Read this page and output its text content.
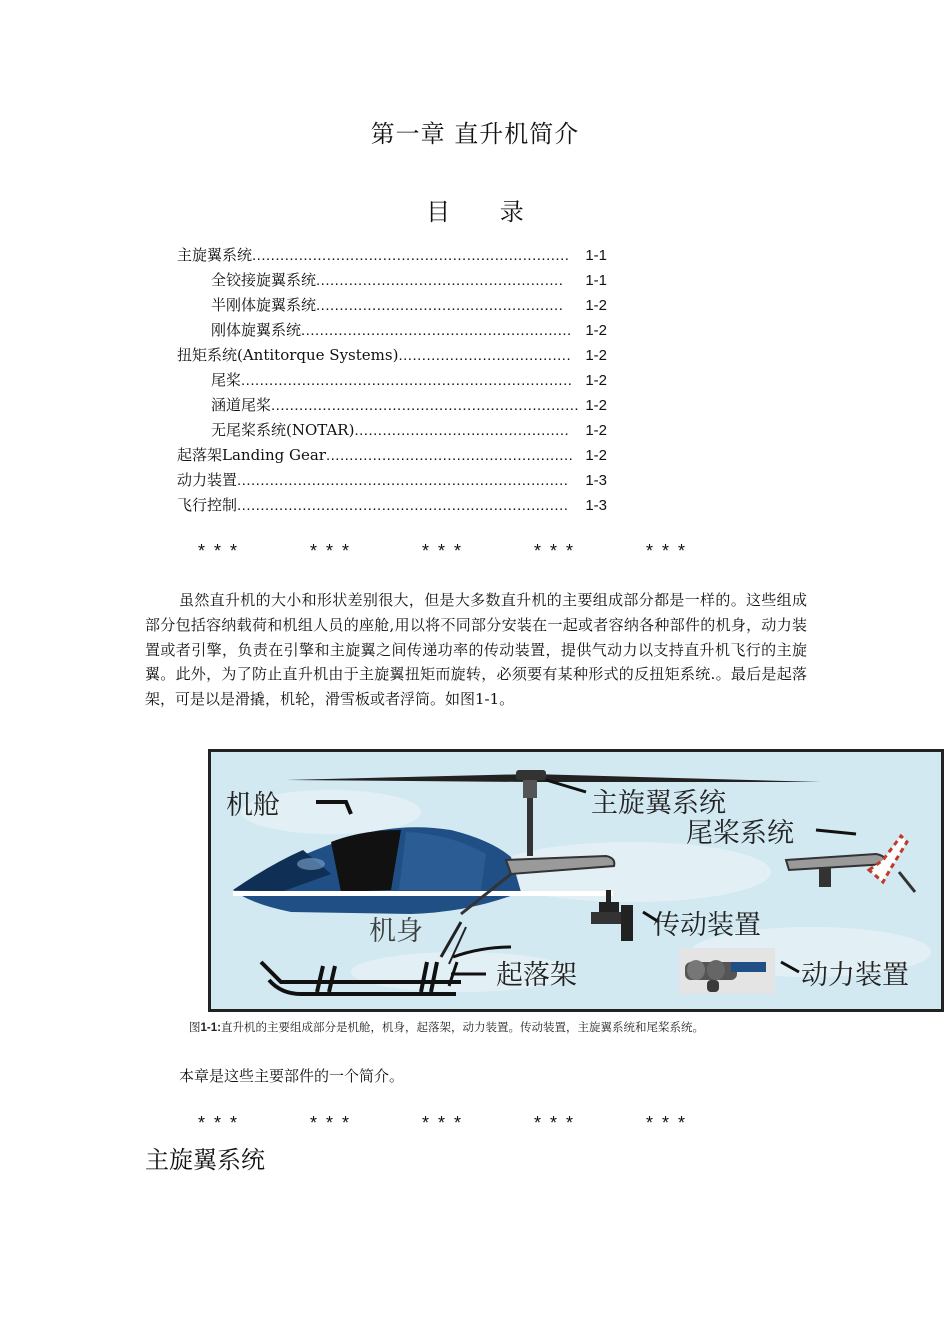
第一章 直升机简介
目 录
主旋翼系统 ....................................................................	1-1
全铰接旋翼系统 .....................................................	1-1
半刚体旋翼系统 .....................................................	1-2
刚体旋翼系统 .......................................................... 1-2
扭矩系统(Antitorque Systems) ..................................... 1-2
尾桨 ....................................................................... 1-2
涵道尾桨 .................................................................. 1-2
无尾桨系统(NOTAR) ..............................................	1-2
起落架Landing Gear ..................................................... 1-2
动力装置 .......................................................................	1-3
飞行控制 .......................................................................	1-3
* * *	* * *	* * *	* * *	* * *
虽然直升机的大小和形状差别很大，但是大多数直升机的主要组成部分都是一样的。这些组成部分包括容纳载荷和机组人员的座舱,用以将不同部分安装在一起或者容纳各种部件的机身，动力装置或者引擎，负责在引擎和主旋翼之间传递功率的传动装置，提供气动力以支持直升机飞行的主旋翼。此外，为了防止直升机由于主旋翼扭矩而旋转，必须要有某种形式的反扭矩系统.。最后是起落架，可是以是滑撬，机轮，滑雪板或者浮筒。如图1-1。
机舱	主旋翼系统
尾桨系统
机身	传动装置
起落架	动力装置
图1-1:直升机的主要组成部分是机舱，机身，起落架，动力装置。传动装置，主旋翼系统和尾桨系统。
本章是这些主要部件的一个简介。
* * *	* * *	* * *	* * *	* * *
主旋翼系统
